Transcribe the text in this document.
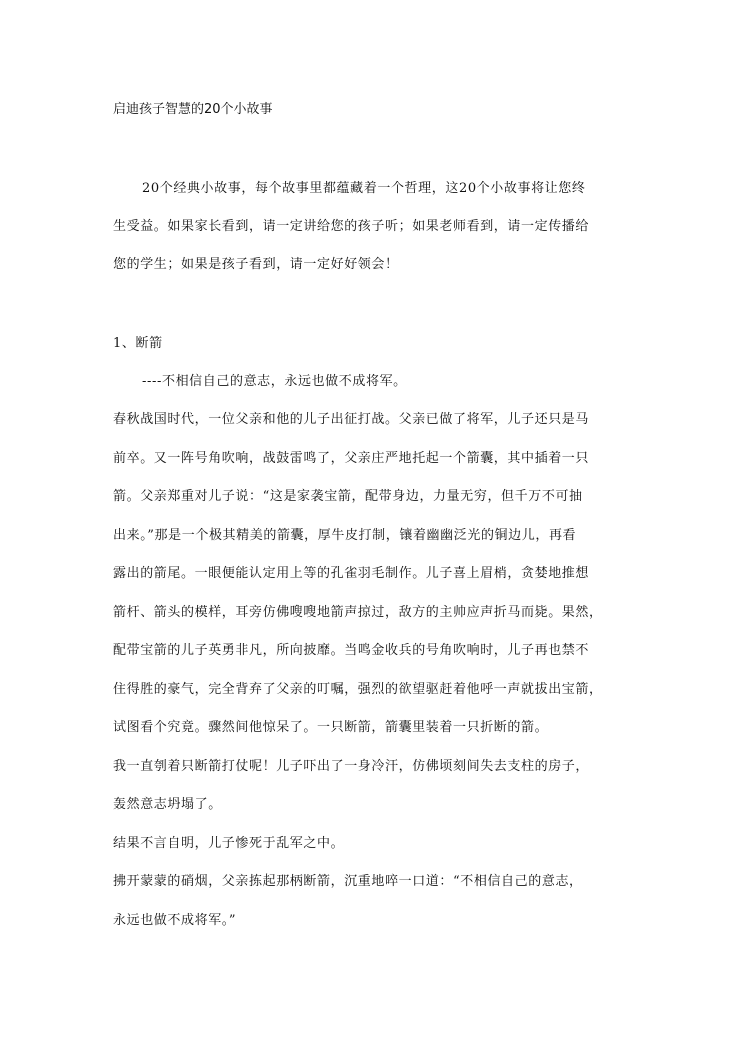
启迪孩子智慧的20个小故事
20个经典小故事，每个故事里都蕴藏着一个哲理，这20个小故事将让您终
生受益。如果家长看到，请一定讲给您的孩子听；如果老师看到，请一定传播给
您的学生；如果是孩子看到，请一定好好领会！
1、断箭
----不相信自己的意志，永远也做不成将军。
春秋战国时代，一位父亲和他的儿子出征打战。父亲已做了将军，儿子还只是马
前卒。又一阵号角吹响，战鼓雷鸣了，父亲庄严地托起一个箭囊，其中插着一只
箭。父亲郑重对儿子说：“这是家袭宝箭，配带身边，力量无穷，但千万不可抽
出来。”那是一个极其精美的箭囊，厚牛皮打制，镶着幽幽泛光的铜边儿，再看
露出的箭尾。一眼便能认定用上等的孔雀羽毛制作。儿子喜上眉梢，贪婪地推想
箭杆、箭头的模样，耳旁仿佛嗖嗖地箭声掠过，敌方的主帅应声折马而毙。果然，
配带宝箭的儿子英勇非凡，所向披靡。当鸣金收兵的号角吹响时，儿子再也禁不
住得胜的豪气，完全背弃了父亲的叮嘱，强烈的欲望驱赶着他呼一声就拔出宝箭，
试图看个究竟。骤然间他惊呆了。一只断箭，箭囊里装着一只折断的箭。
我一直刳着只断箭打仗呢！儿子吓出了一身冷汗，仿佛顷刻间失去支柱的房子，
轰然意志坍塌了。
结果不言自明，儿子惨死于乱军之中。
拂开蒙蒙的硝烟，父亲拣起那柄断箭，沉重地啐一口道：“不相信自己的意志，
永远也做不成将军。”
